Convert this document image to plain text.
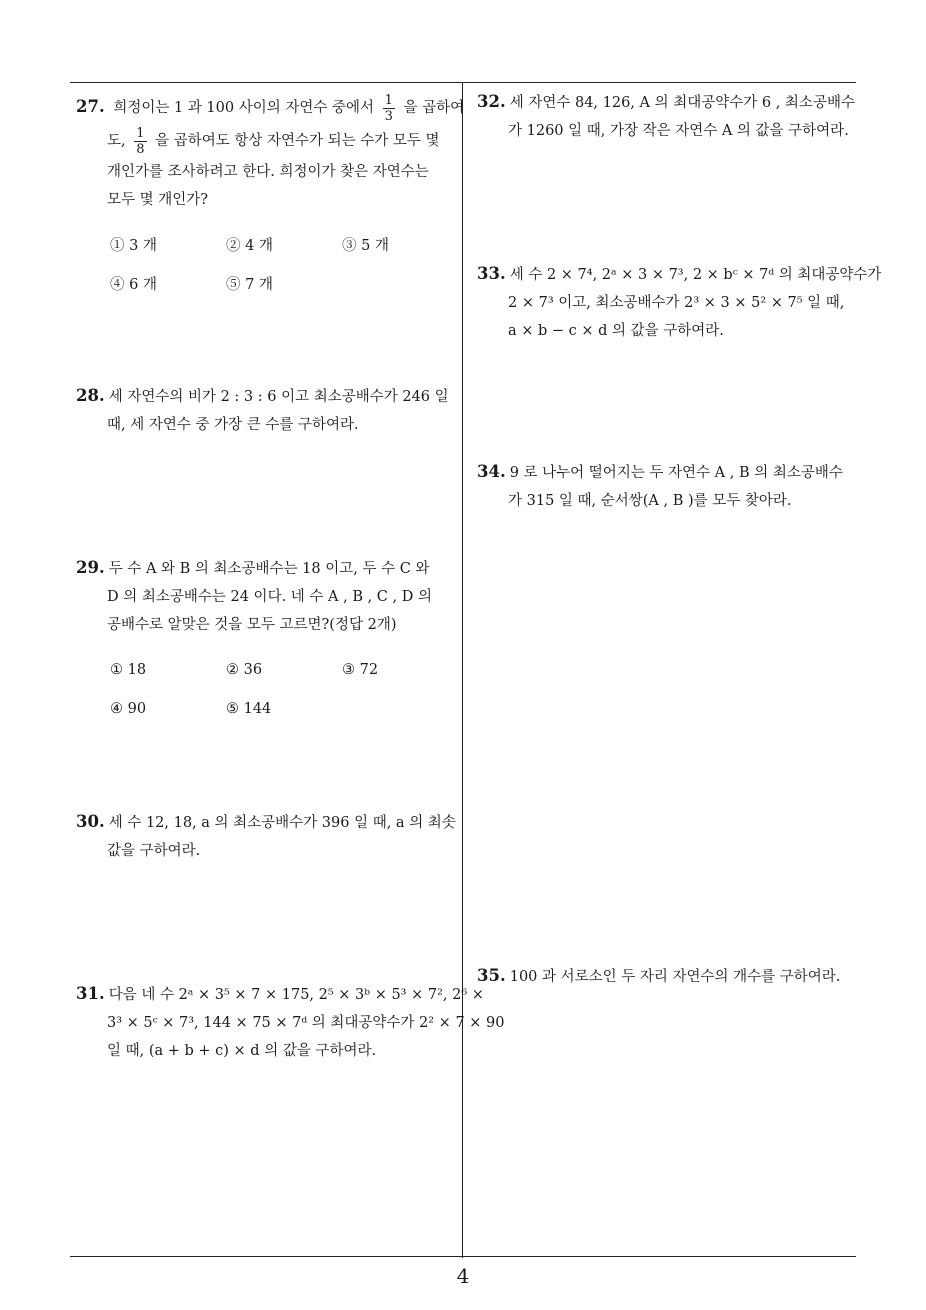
27. 희정이는 1 과 100 사이의 자연수 중에서 $\frac{1}{3}$ 을 곱하여
도, $\frac{1}{8}$ 을 곱하여도 항상 자연수가 되는 수가 모두 몇
개인가를 조사하려고 한다. 희정이가 찾은 자연수는
모두 몇 개인가?
① 3 개	② 4 개	③ 5 개
④ 6 개	⑤ 7 개
28. 세 자연수의 비가 2 : 3 : 6 이고 최소공배수가 246 일
때, 세 자연수 중 가장 큰 수를 구하여라.
29. 두 수 A 와 B 의 최소공배수는 18 이고, 두 수 C 와
D 의 최소공배수는 24 이다. 네 수 A , B , C , D 의
공배수로 알맞은 것을 모두 고르면?(정답 2개)
① 18	② 36	③ 72
④ 90	⑤ 144
30. 세 수 12, 18, a 의 최소공배수가 396 일 때, a 의 최솟
값을 구하여라.
31. 다음 네 수 2ᵃ × 3⁵ × 7 × 175, 2⁵ × 3ᵇ × 5³ × 7², 2⁶ ×
3³ × 5ᶜ × 7³, 144 × 75 × 7ᵈ 의 최대공약수가 2² × 7 × 90
일 때, (a + b + c) × d 의 값을 구하여라.
32. 세 자연수 84, 126, A 의 최대공약수가 6 , 최소공배수
가 1260 일 때, 가장 작은 자연수 A 의 값을 구하여라.
33. 세 수 2 × 7⁴, 2ᵃ × 3 × 7³, 2 × bᶜ × 7ᵈ 의 최대공약수가
2 × 7³ 이고, 최소공배수가 2³ × 3 × 5² × 7⁵ 일 때,
a × b − c × d 의 값을 구하여라.
34. 9 로 나누어 떨어지는 두 자연수 A , B 의 최소공배수
가 315 일 때, 순서쌍(A , B )를 모두 찾아라.
35. 100 과 서로소인 두 자리 자연수의 개수를 구하여라.
4
